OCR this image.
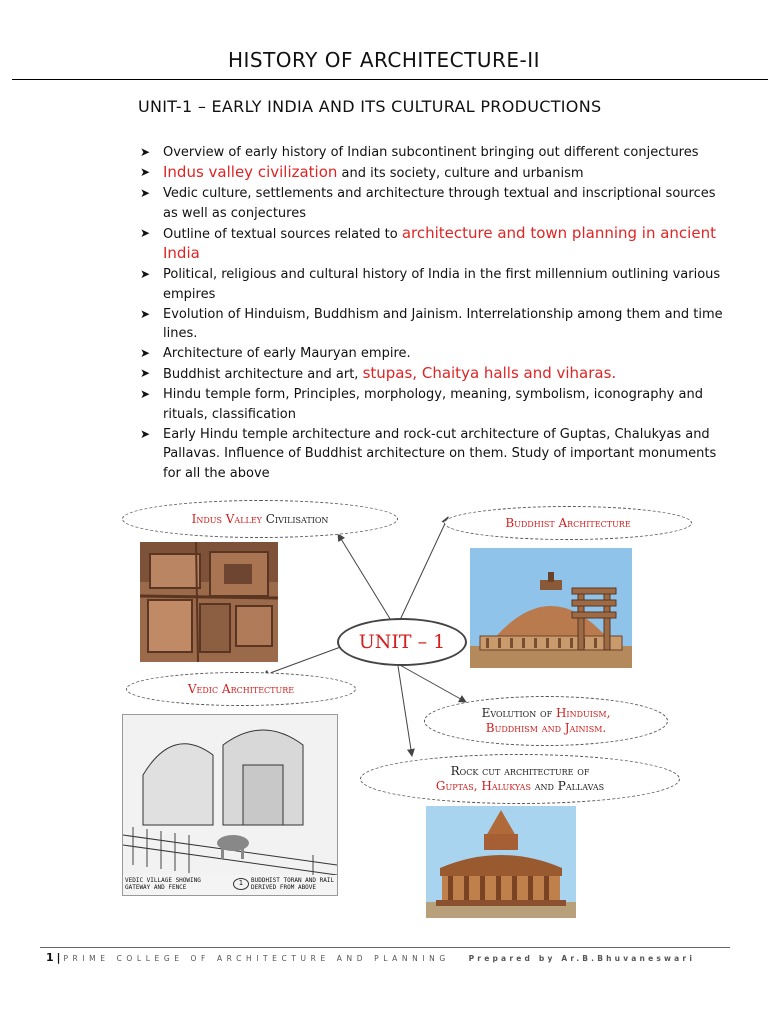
HISTORY OF ARCHITECTURE-II
UNIT-1 – EARLY INDIA AND ITS CULTURAL PRODUCTIONS
➤ Overview of early history of Indian subcontinent bringing out different conjectures
➤ Indus valley civilization and its society, culture and urbanism
➤ Vedic culture, settlements and architecture through textual and inscriptional sources as well as conjectures
➤ Outline of textual sources related to architecture and town planning in ancient India
➤ Political, religious and cultural history of India in the first millennium outlining various empires
➤ Evolution of Hinduism, Buddhism and Jainism. Interrelationship among them and time lines.
➤ Architecture of early Mauryan empire.
➤ Buddhist architecture and art, stupas, Chaitya halls and viharas.
➤ Hindu temple form, Principles, morphology, meaning, symbolism, iconography and rituals, classification
➤ Early Hindu temple architecture and rock-cut architecture of Guptas, Chalukyas and Pallavas. Influence of Buddhist architecture on them. Study of important monuments for all the above
Indus Valley Civilisation	Buddhist Architecture
UNIT – 1
Vedic Architecture
Evolution of Hinduism,
Buddhism and Jainism.
Rock cut architecture of
Guptas, Halukyas and Pallavas
VEDIC VILLAGE SHOWING GATEWAY AND FENCE
1	BUDDHIST TORAN AND RAIL DERIVED FROM ABOVE
1 | PRIME COLLEGE OF ARCHITECTURE AND PLANNING	Prepared by Ar.B.Bhuvaneswari
